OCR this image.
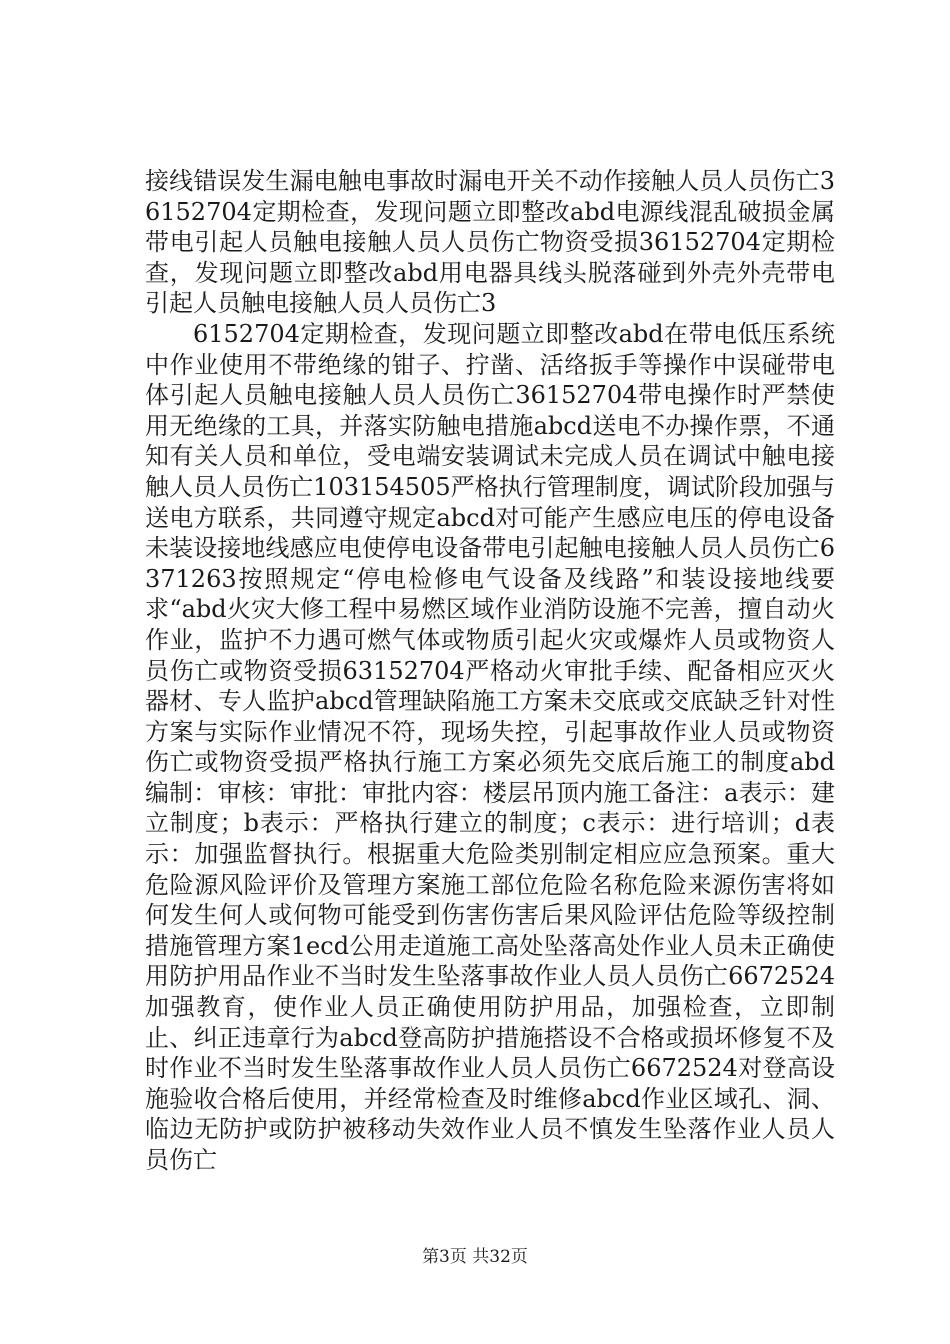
接线错误发生漏电触电事故时漏电开关不动作接触人员人员伤亡36152704定期检查，发现问题立即整改abd电源线混乱破损金属带电引起人员触电接触人员人员伤亡物资受损36152704定期检查，发现问题立即整改abd用电器具线头脱落碰到外壳外壳带电引起人员触电接触人员人员伤亡3

6152704定期检查，发现问题立即整改abd在带电低压系统中作业使用不带绝缘的钳子、拧凿、活络扳手等操作中误碰带电体引起人员触电接触人员人员伤亡36152704带电操作时严禁使用无绝缘的工具，并落实防触电措施abcd送电不办操作票，不通知有关人员和单位，受电端安装调试未完成人员在调试中触电接触人员人员伤亡103154505严格执行管理制度，调试阶段加强与送电方联系，共同遵守规定abcd对可能产生感应电压的停电设备未装设接地线感应电使停电设备带电引起触电接触人员人员伤亡6371263按照规定“停电检修电气设备及线路”和装设接地线要求“abd火灾大修工程中易燃区域作业消防设施不完善，擅自动火作业，监护不力遇可燃气体或物质引起火灾或爆炸人员或物资人员伤亡或物资受损63152704严格动火审批手续、配备相应灭火器材、专人监护abcd管理缺陷施工方案未交底或交底缺乏针对性方案与实际作业情况不符，现场失控，引起事故作业人员或物资伤亡或物资受损严格执行施工方案必须先交底后施工的制度abd编制：审核：审批：审批内容：楼层吊顶内施工备注：a表示：建立制度；b表示：严格执行建立的制度；c表示：进行培训；d表示：加强监督执行。根据重大危险类别制定相应应急预案。重大危险源风险评价及管理方案施工部位危险名称危险来源伤害将如何发生何人或何物可能受到伤害伤害后果风险评估危险等级控制措施管理方案1ecd公用走道施工高处坠落高处作业人员未正确使用防护用品作业不当时发生坠落事故作业人员人员伤亡6672524加强教育，使作业人员正确使用防护用品，加强检查，立即制止、纠正违章行为abcd登高防护措施搭设不合格或损坏修复不及时作业不当时发生坠落事故作业人员人员伤亡6672524对登高设施验收合格后使用，并经常检查及时维修abcd作业区域孔、洞、临边无防护或防护被移动失效作业人员不慎发生坠落作业人员人员伤亡

第3页 共32页
